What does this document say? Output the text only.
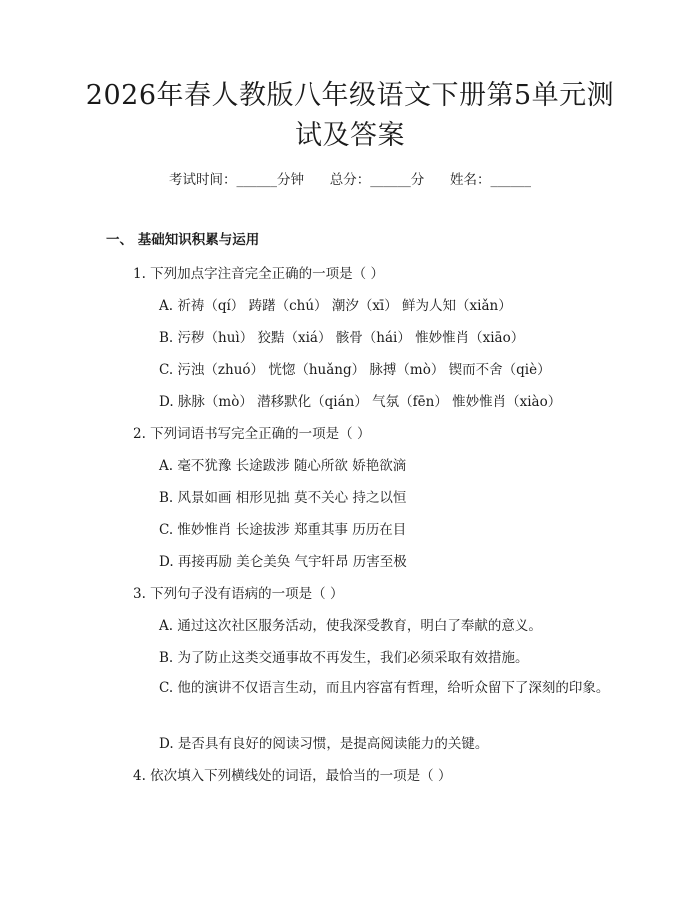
2026年春人教版八年级语文下册第5单元测试及答案
考试时间：______分钟 总分：______分 姓名：______
一、 基础知识积累与运用
1. 下列加点字注音完全正确的一项是（ ）
A. 祈祷（qí） 踌躇（chú） 潮汐（xī） 鲜为人知（xiǎn）
B. 污秽（huì） 狡黠（xiá） 骸骨（hái） 惟妙惟肖（xiāo）
C. 污浊（zhuó） 恍惚（huǎng） 脉搏（mò） 锲而不舍（qiè）
D. 脉脉（mò） 潜移默化（qián） 气氛（fēn） 惟妙惟肖（xiào）
2. 下列词语书写完全正确的一项是（ ）
A. 毫不犹豫 长途跋涉 随心所欲 娇艳欲滴
B. 风景如画 相形见拙 莫不关心 持之以恒
C. 惟妙惟肖 长途拔涉 郑重其事 历历在目
D. 再接再励 美仑美奂 气宇轩昂 历害至极
3. 下列句子没有语病的一项是（ ）
A. 通过这次社区服务活动，使我深受教育，明白了奉献的意义。
B. 为了防止这类交通事故不再发生，我们必须采取有效措施。
C. 他的演讲不仅语言生动，而且内容富有哲理，给听众留下了深刻的印象。
D. 是否具有良好的阅读习惯，是提高阅读能力的关键。
4. 依次填入下列横线处的词语，最恰当的一项是（ ）
